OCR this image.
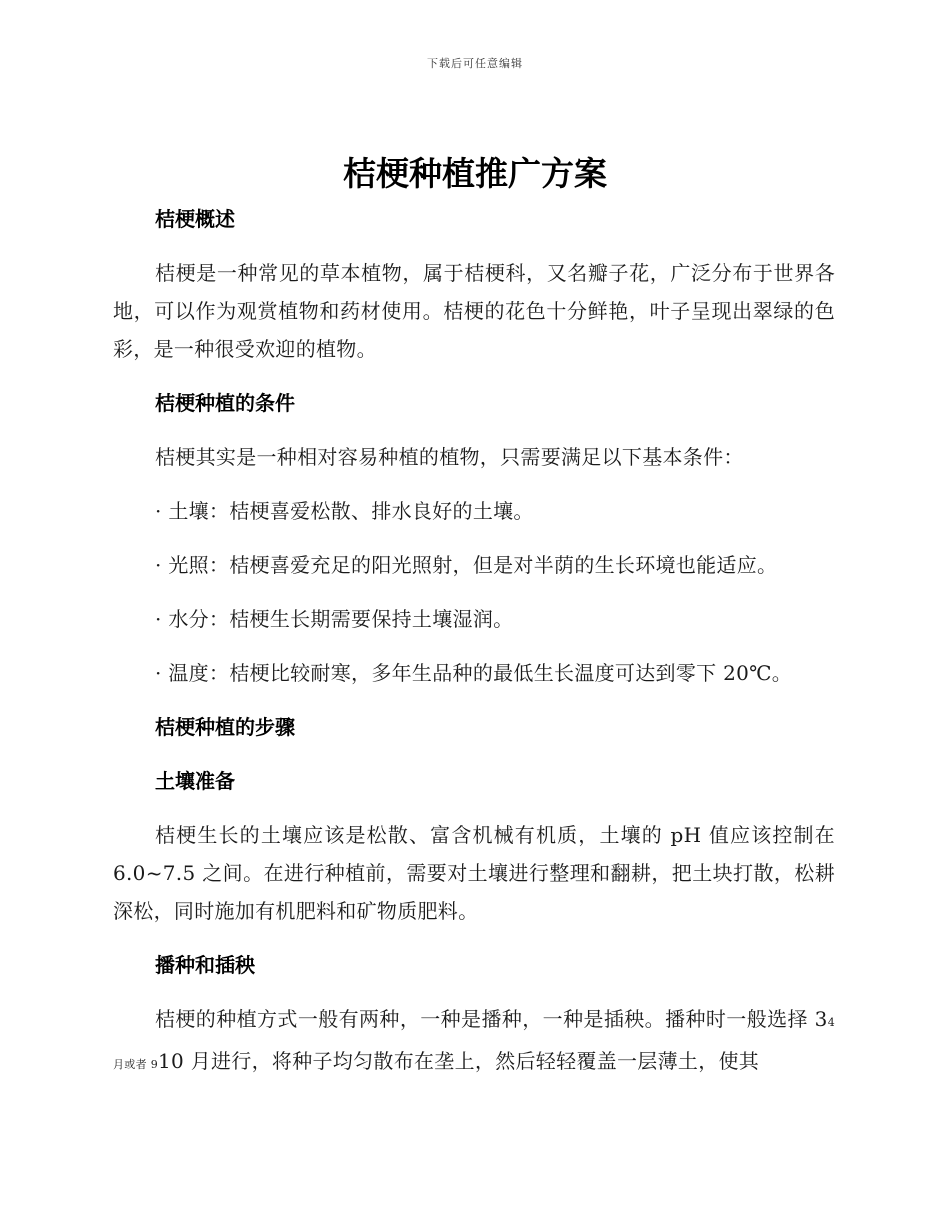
下载后可任意编辑
桔梗种植推广方案
桔梗概述

桔梗是一种常见的草本植物，属于桔梗科，又名瓣子花，广泛分布于世界各地，可以作为观赏植物和药材使用。桔梗的花色十分鲜艳，叶子呈现出翠绿的色彩，是一种很受欢迎的植物。

桔梗种植的条件

桔梗其实是一种相对容易种植的植物，只需要满足以下基本条件：

· 土壤：桔梗喜爱松散、排水良好的土壤。

· 光照：桔梗喜爱充足的阳光照射，但是对半荫的生长环境也能适应。

· 水分：桔梗生长期需要保持土壤湿润。

· 温度：桔梗比较耐寒，多年生品种的最低生长温度可达到零下 20℃。

桔梗种植的步骤
土壤准备

桔梗生长的土壤应该是松散、富含机械有机质，土壤的 pH 值应该控制在 6.0~7.5 之间。在进行种植前，需要对土壤进行整理和翻耕，把土块打散，松耕深松，同时施加有机肥料和矿物质肥料。

播种和插秧

桔梗的种植方式一般有两种，一种是播种，一种是插秧。播种时一般选择 34 月或者 910 月进行，将种子均匀散布在垄上，然后轻轻覆盖一层薄土，使其
